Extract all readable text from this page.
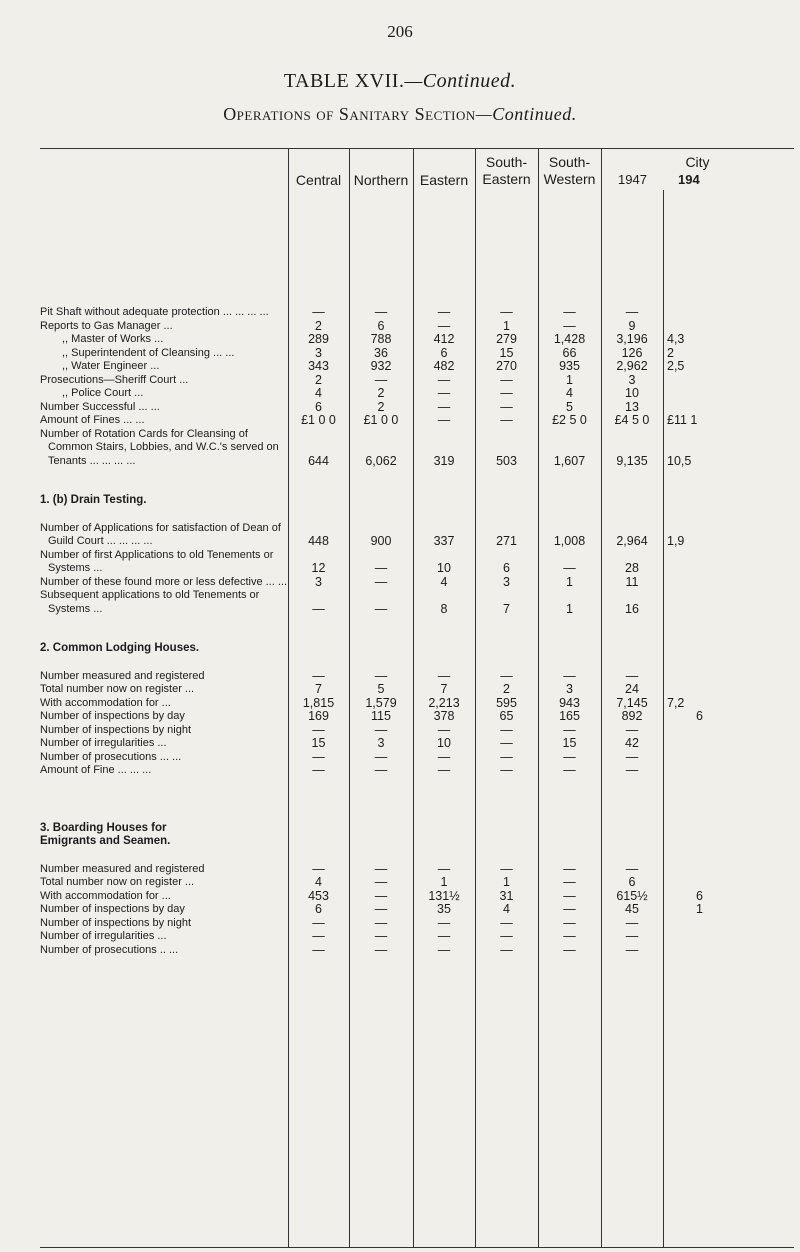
206
TABLE XVII.—Continued.
Operations of Sanitary Section—Continued.
Central Northern Eastern
South-
Eastern
South-
Western
City
1947 194
Pit Shaft without adequate protection ... ... ... ...	—	—	—	—	—	—	
Reports to Gas Manager ...	2	6	—	1	—	9	
,, Master of Works ...	289	788	412	279	1,428	3,196	4,3
,, Superintendent of Cleansing ... ...	3	36	6	15	66	126	2
,, Water Engineer ...	343	932	482	270	935	2,962	2,5
Prosecutions—Sheriff Court ...	2	—	—	—	1	3	
,, Police Court ...	4	2	—	—	4	10	
Number Successful ... ...	6	2	—	—	5	13	
Amount of Fines ... ...	£1 0 0	£1 0 0	—	—	£2 5 0	£4 5 0	£11 1

Number of Rotation Cards for Cleansing of Common Stairs, Lobbies, and W.C.'s served on Tenants ... ... ... ...	644	6,062	319	503	1,607	9,135	10,5

1. (b) Drain Testing.							

Number of Applications for satisfaction of Dean of Guild Court ... ... ... ...	448	900	337	271	1,008	2,964	1,9

Number of first Applications to old Tenements or Systems ...	12	—	10	6	—	28	

Number of these found more or less defective ... ...	3	—	4	3	1	11	

Subsequent applications to old Tenements or Systems ...	—	—	8	7	1	16	

2. Common Lodging Houses.							

Number measured and registered	—	—	—	—	—	—	
Total number now on register ...	7	5	7	2	3	24	
With accommodation for ...	1,815	1,579	2,213	595	943	7,145	7,2
Number of inspections by day	169	115	378	65	165	892	6
Number of inspections by night	—	—	—	—	—	—	
Number of irregularities ...	15	3	10	—	15	42	
Number of prosecutions ... ...	—	—	—	—	—	—	
Amount of Fine ... ... ...	—	—	—	—	—	—	

3. Boarding Houses for
Emigrants and Seamen.							

Number measured and registered	—	—	—	—	—	—	
Total number now on register ...	4	—	1	1	—	6	
With accommodation for ...	453	—	131½	31	—	615½	6
Number of inspections by day	6	—	35	4	—	45	1
Number of inspections by night	—	—	—	—	—	—	
Number of irregularities ...	—	—	—	—	—	—	
Number of prosecutions .. ...	—	—	—	—	—	—	
